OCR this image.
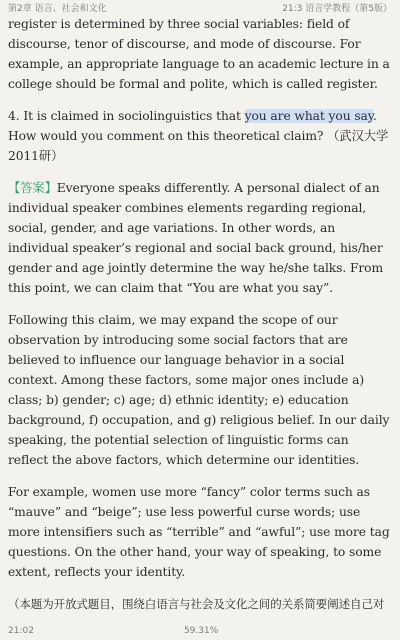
第2章 语言、社会和文化	21:3 语言学教程（第5版）

register is determined by three social variables: field of discourse, tenor of discourse, and mode of discourse. For example, an appropriate language to an academic lecture in a college should be formal and polite, which is called register.

4. It is claimed in sociolinguistics that you are what you say. How would you comment on this theoretical claim? （武汉大学2011研）

【答案】Everyone speaks differently. A personal dialect of an individual speaker combines elements regarding regional, social, gender, and age variations. In other words, an individual speaker’s regional and social back ground, his/her gender and age jointly determine the way he/she talks. From this point, we can claim that “You are what you say”.

Following this claim, we may expand the scope of our observation by introducing some social factors that are believed to influence our language behavior in a social context. Among these factors, some major ones include a) class; b) gender; c) age; d) ethnic identity; e) education background, f) occupation, and g) religious belief. In our daily speaking, the potential selection of linguistic forms can reflect the above factors, which determine our identities.

For example, women use more “fancy” color terms such as “mauve” and “beige”; use less powerful curse words; use more intensifiers such as “terrible” and “awful”; use more tag questions. On the other hand, your way of speaking, to some extent, reflects your identity.

（本题为开放式题目，围绕白语言与社会及文化之间的关系简要阐述自己对

21:02	59.31%
